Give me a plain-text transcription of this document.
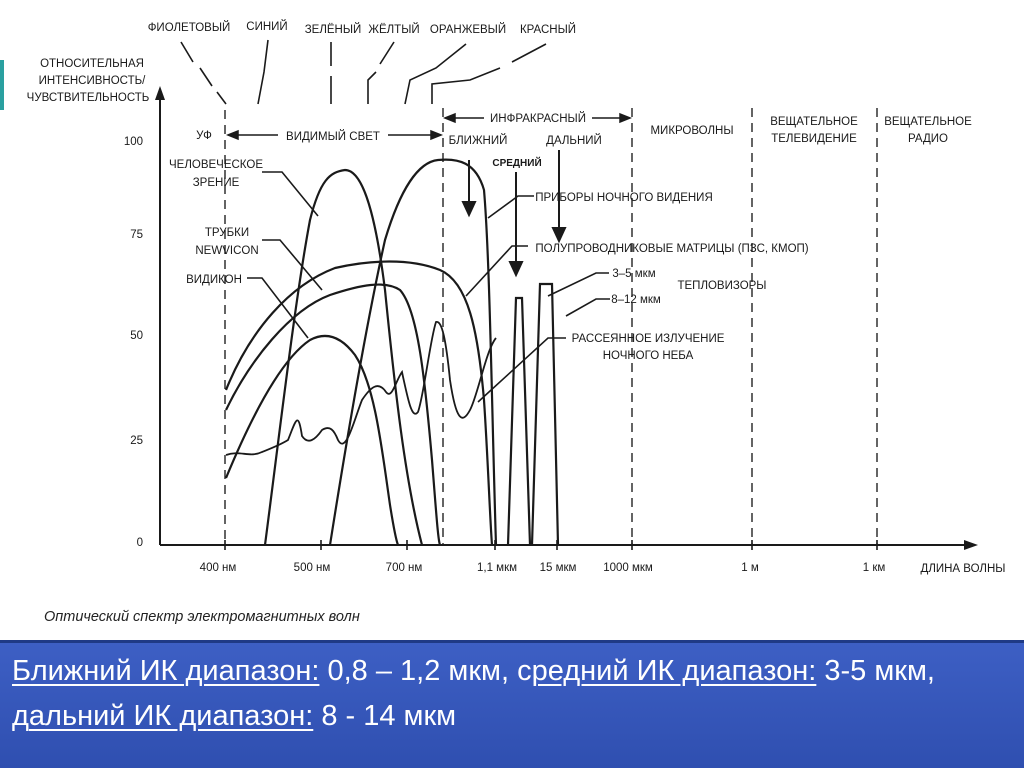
ОТНОСИТЕЛЬНАЯ
ИНТЕНСИВНОСТЬ/
ЧУВСТВИТЕЛЬНОСТЬ
100
75
50
25
0
400 нм	500 нм	700 нм	1,1 мкм 15 мкм 1000 мкм	1 м	1 км	ДЛИНА ВОЛНЫ
ФИОЛЕТОВЫЙ СИНИЙ ЗЕЛЁНЫЙ ЖЁЛТЫЙ ОРАНЖЕВЫЙ КРАСНЫЙ
УФ	ВИДИМЫЙ СВЕТ
ИНФРАКРАСНЫЙ
БЛИЖНИЙ
СРЕДНИЙ
ДАЛЬНИЙ
МИКРОВОЛНЫ
ВЕЩАТЕЛЬНОЕ
ТЕЛЕВИДЕНИЕ
ВЕЩАТЕЛЬНОЕ
РАДИО
ЧЕЛОВЕЧЕСКОЕ
ЗРЕНИЕ
ТРУБКИ
NEWVICON
ВИДИКОН
ПРИБОРЫ НОЧНОГО ВИДЕНИЯ
ПОЛУПРОВОДНИКОВЫЕ МАТРИЦЫ (ПЗС, КМОП)
3–5 мкм
8–12 мкм
ТЕПЛОВИЗОРЫ
РАССЕЯННОЕ ИЗЛУЧЕНИЕ
НОЧНОГО НЕБА
Оптический спектр электромагнитных волн
Ближний ИК диапазон: 0,8 – 1,2 мкм, средний ИК диапазон: 3-5 мкм, дальний ИК диапазон: 8 - 14 мкм
